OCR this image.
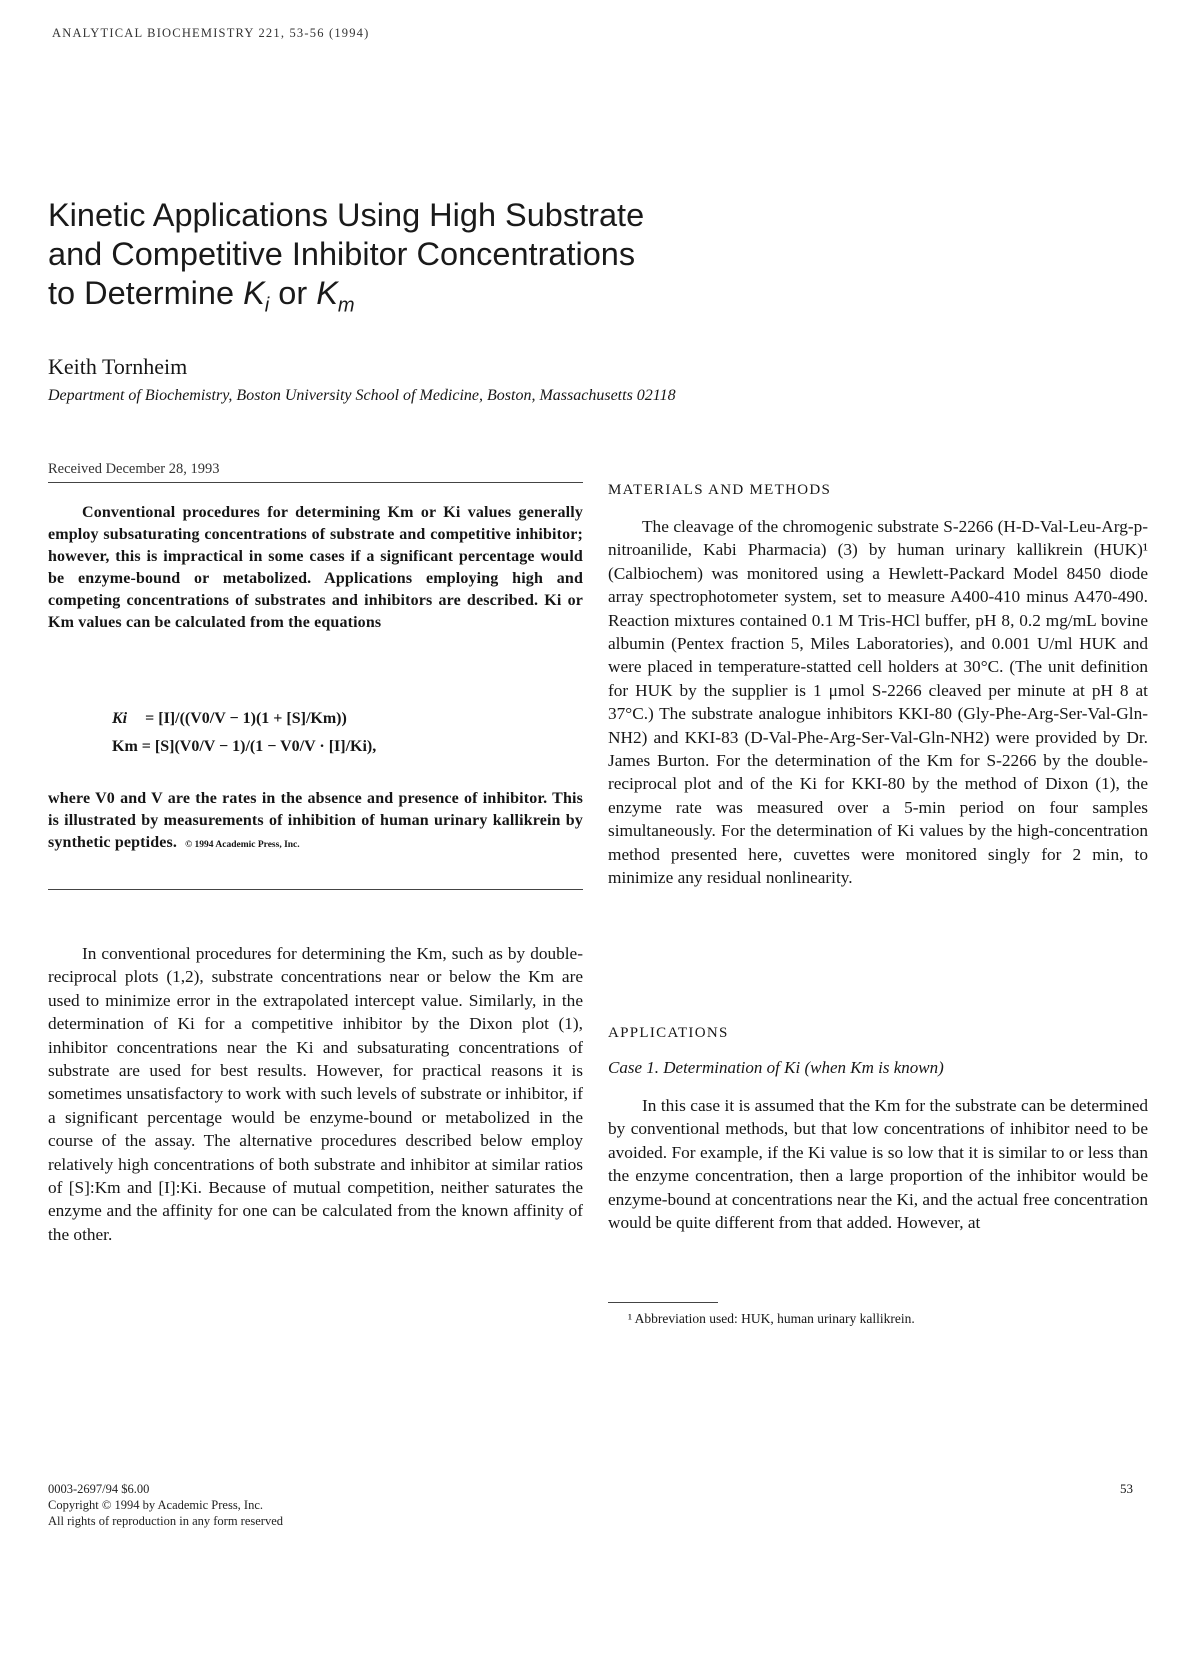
ANALYTICAL BIOCHEMISTRY 221, 53-56 (1994)
Kinetic Applications Using High Substrate
and Competitive Inhibitor Concentrations
to Determine $K_i$ or $K_m$
Keith Tornheim
Department of Biochemistry, Boston University School of Medicine, Boston, Massachusetts 02118
Received December 28, 1993

Conventional procedures for determining Km or Ki values generally employ subsaturating concentrations of substrate and competitive inhibitor; however, this is impractical in some cases if a significant percentage would be enzyme-bound or metabolized. Applications employing high and competing concentrations of substrates and inhibitors are described. Ki or Km values can be calculated from the equations

Ki = [I]/((V0/V − 1)(1 + [S]/Km))
Km = [S](V0/V − 1)/(1 − V0/V · [I]/Ki),

where V0 and V are the rates in the absence and presence of inhibitor. This is illustrated by measurements of inhibition of human urinary kallikrein by synthetic peptides. © 1994 Academic Press, Inc.

In conventional procedures for determining the Km, such as by double-reciprocal plots (1,2), substrate concentrations near or below the Km are used to minimize error in the extrapolated intercept value. Similarly, in the determination of Ki for a competitive inhibitor by the Dixon plot (1), inhibitor concentrations near the Ki and subsaturating concentrations of substrate are used for best results. However, for practical reasons it is sometimes unsatisfactory to work with such levels of substrate or inhibitor, if a significant percentage would be enzyme-bound or metabolized in the course of the assay. The alternative procedures described below employ relatively high concentrations of both substrate and inhibitor at similar ratios of [S]:Km and [I]:Ki. Because of mutual competition, neither saturates the enzyme and the affinity for one can be calculated from the known affinity of the other.

MATERIALS AND METHODS

The cleavage of the chromogenic substrate S-2266 (H-D-Val-Leu-Arg-p-nitroanilide, Kabi Pharmacia) (3) by human urinary kallikrein (HUK)¹ (Calbiochem) was monitored using a Hewlett-Packard Model 8450 diode array spectrophotometer system, set to measure A400-410 minus A470-490. Reaction mixtures contained 0.1 M Tris-HCl buffer, pH 8, 0.2 mg/mL bovine albumin (Pentex fraction 5, Miles Laboratories), and 0.001 U/ml HUK and were placed in temperature-statted cell holders at 30°C. (The unit definition for HUK by the supplier is 1 μmol S-2266 cleaved per minute at pH 8 at 37°C.) The substrate analogue inhibitors KKI-80 (Gly-Phe-Arg-Ser-Val-Gln-NH2) and KKI-83 (D-Val-Phe-Arg-Ser-Val-Gln-NH2) were provided by Dr. James Burton. For the determination of the Km for S-2266 by the double-reciprocal plot and of the Ki for KKI-80 by the method of Dixon (1), the enzyme rate was measured over a 5-min period on four samples simultaneously. For the determination of Ki values by the high-concentration method presented here, cuvettes were monitored singly for 2 min, to minimize any residual nonlinearity.

APPLICATIONS
Case 1. Determination of Ki (when Km is known)

In this case it is assumed that the Km for the substrate can be determined by conventional methods, but that low concentrations of inhibitor need to be avoided. For example, if the Ki value is so low that it is similar to or less than the enzyme concentration, then a large proportion of the inhibitor would be enzyme-bound at concentrations near the Ki, and the actual free concentration would be quite different from that added. However, at

¹ Abbreviation used: HUK, human urinary kallikrein.
0003-2697/94 $6.00
Copyright © 1994 by Academic Press, Inc.
All rights of reproduction in any form reserved
53
